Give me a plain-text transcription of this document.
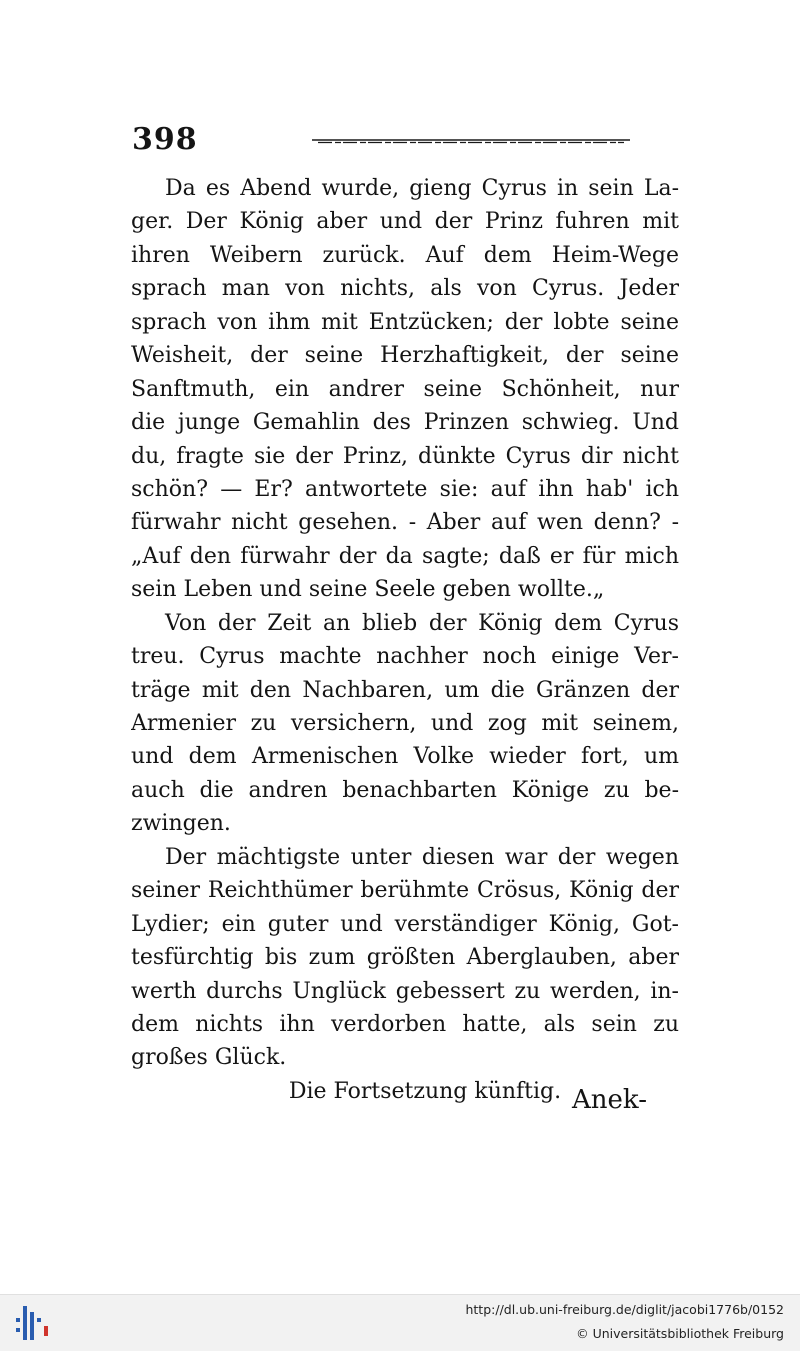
398
Da es Abend wurde, gieng Cyrus in sein La-
ger. Der König aber und der Prinz fuhren mit
ihren Weibern zurück. Auf dem Heim-Wege
sprach man von nichts, als von Cyrus. Jeder
sprach von ihm mit Entzücken; der lobte seine
Weisheit, der seine Herzhaftigkeit, der seine
Sanftmuth, ein andrer seine Schönheit, nur
die junge Gemahlin des Prinzen schwieg. Und
du, fragte sie der Prinz, dünkte Cyrus dir nicht
schön? — Er? antwortete sie: auf ihn hab' ich
fürwahr nicht gesehen. - Aber auf wen denn? -
„Auf den fürwahr der da sagte; daß er für mich
sein Leben und seine Seele geben wollte.„
Von der Zeit an blieb der König dem Cyrus
treu. Cyrus machte nachher noch einige Ver-
träge mit den Nachbaren, um die Gränzen der
Armenier zu versichern, und zog mit seinem,
und dem Armenischen Volke wieder fort, um
auch die andren benachbarten Könige zu be-
zwingen.
Der mächtigste unter diesen war der wegen
seiner Reichthümer berühmte Crösus, König der
Lydier; ein guter und verständiger König, Got-
tesfürchtig bis zum größten Aberglauben, aber
werth durchs Unglück gebessert zu werden, in-
dem nichts ihn verdorben hatte, als sein zu
großes Glück.
Die Fortsetzung künftig. Anek-
http://dl.ub.uni-freiburg.de/diglit/jacobi1776b/0152
© Universitätsbibliothek Freiburg
